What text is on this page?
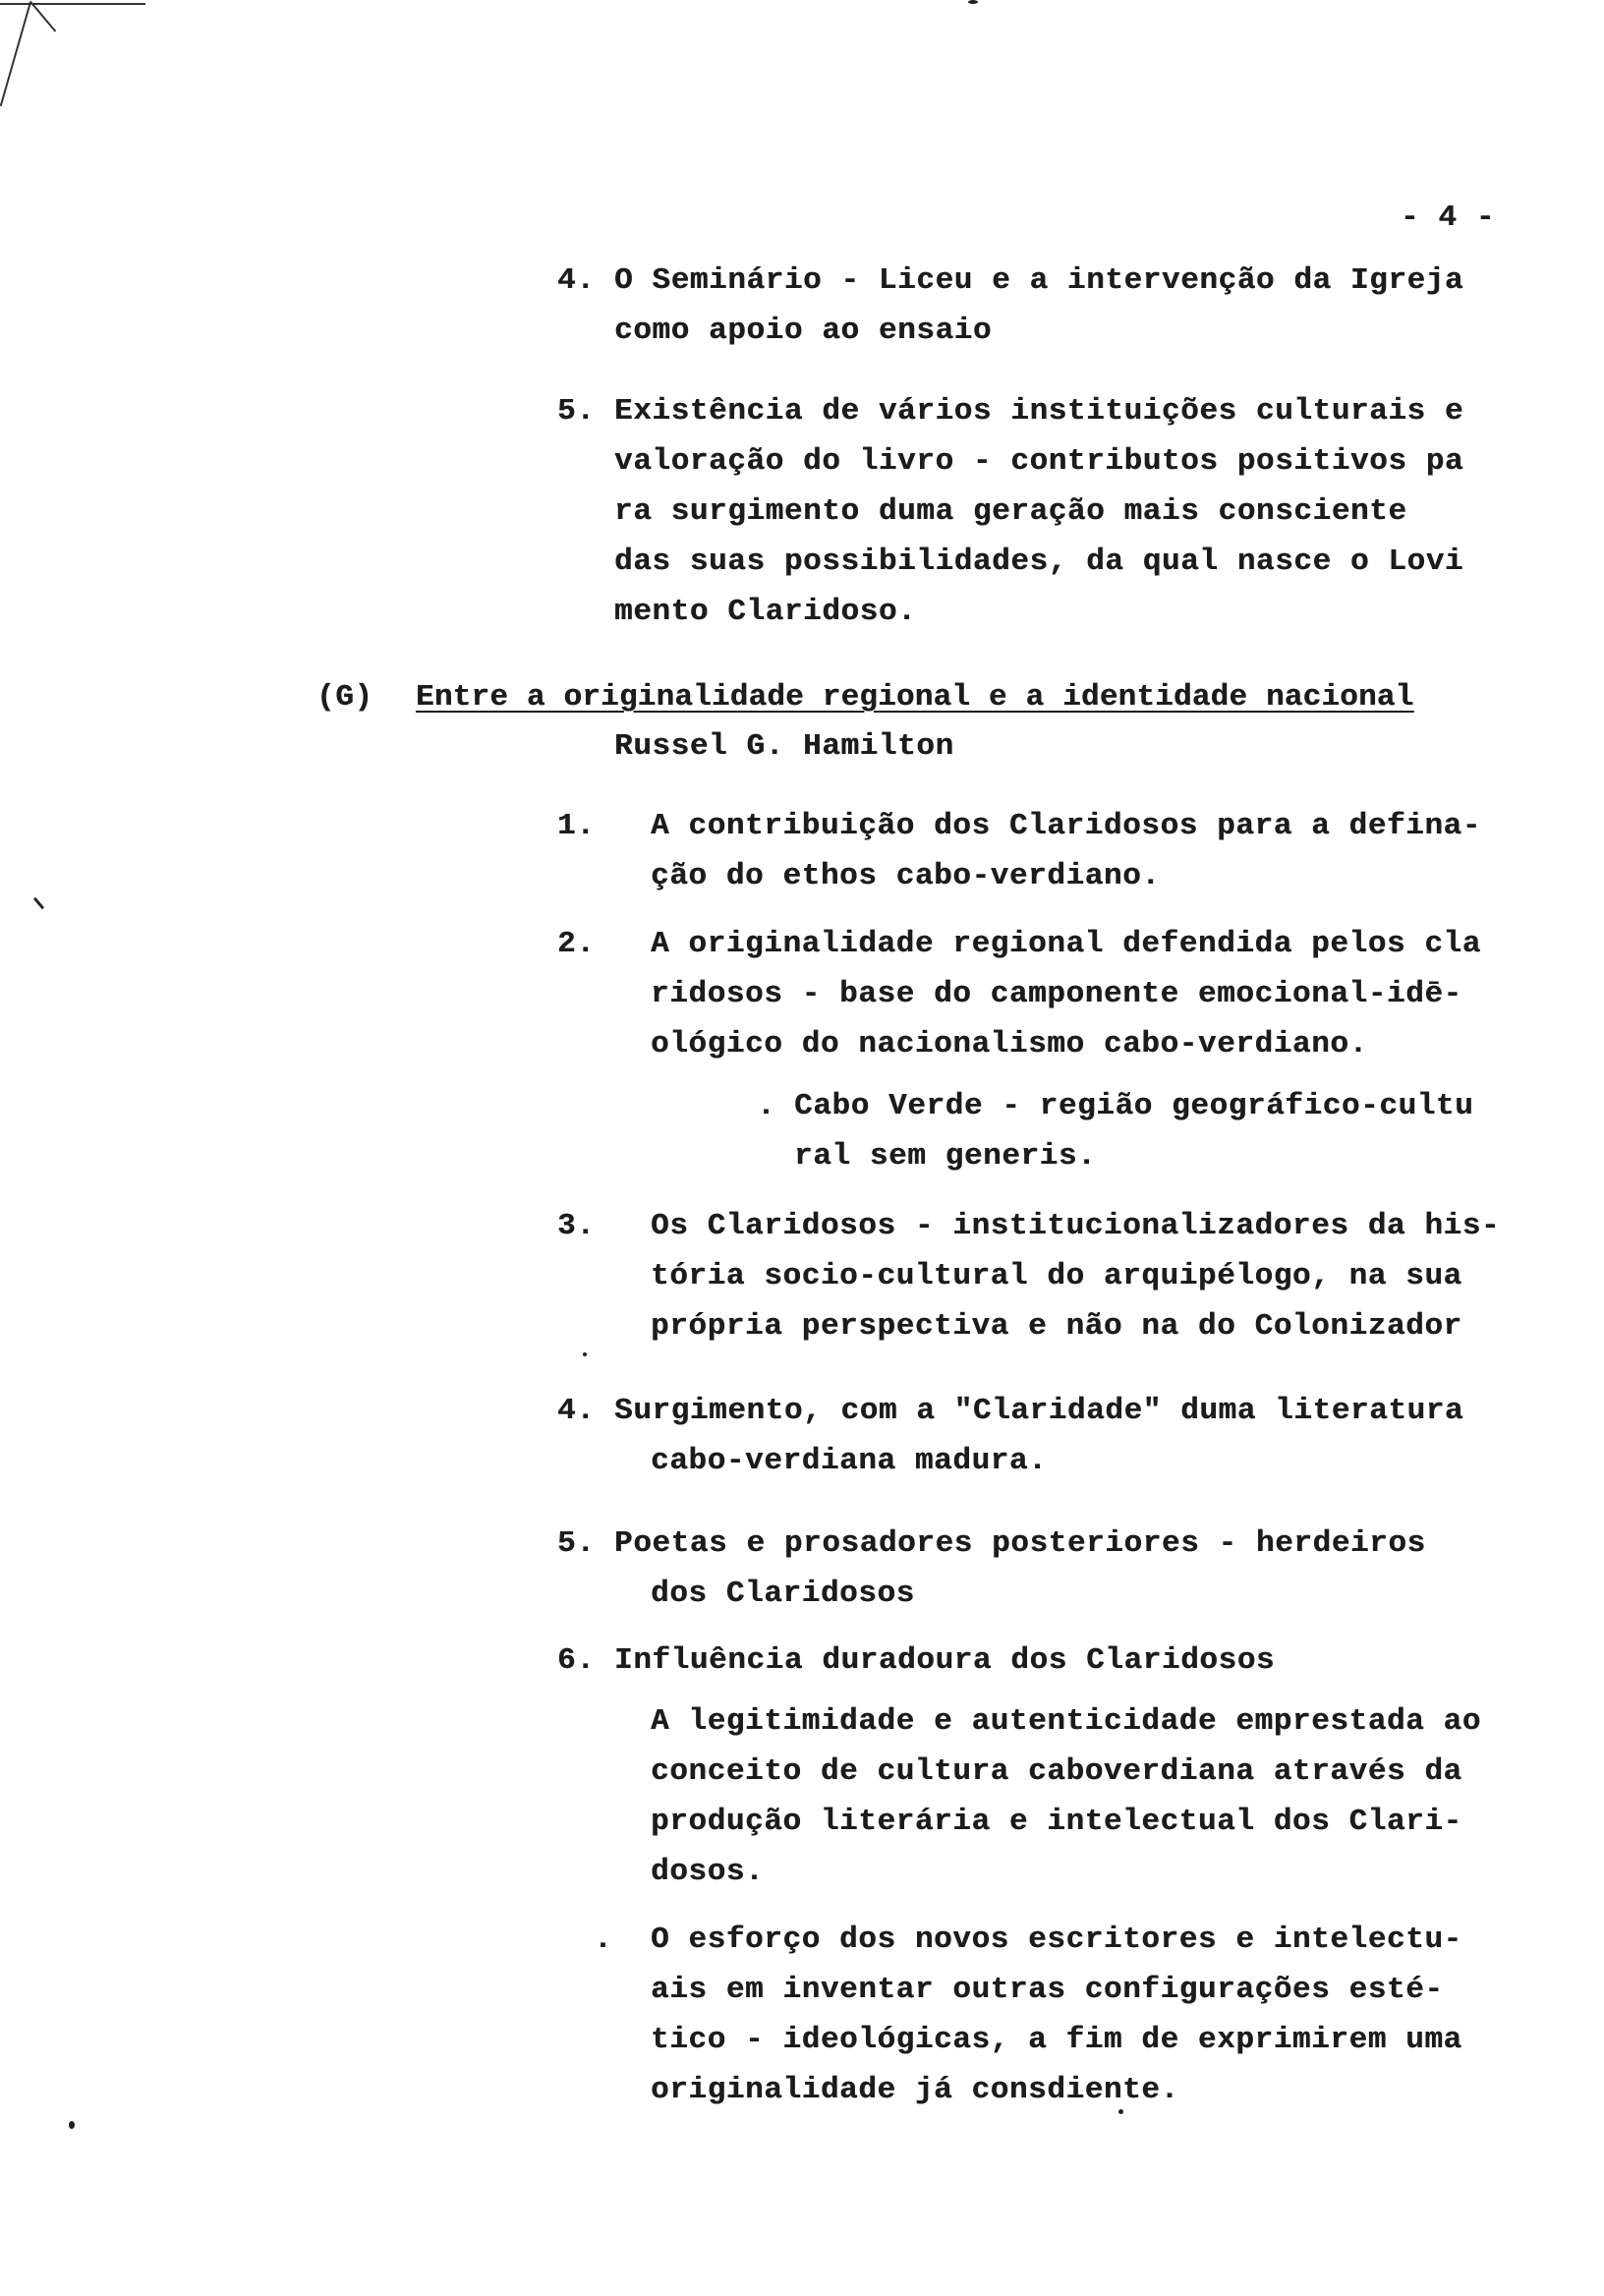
- 4 -
4. O Seminário - Liceu e a intervenção da Igreja
como apoio ao ensaio
5. Existência de vários instituições culturais e
valoração do livro - contributos positivos pa
ra surgimento duma geração mais consciente
das suas possibilidades, da qual nasce o Lovi
mento Claridoso.
(G) Entre a originalidade regional e a identidade nacional
Russel G. Hamilton
1. A contribuição dos Claridosos para a defina-
ção do ethos cabo-verdiano.
2. A originalidade regional defendida pelos cla
ridosos - base do camponente emocional-idē-
ológico do nacionalismo cabo-verdiano.
. Cabo Verde - região geográfico-cultu
ral sem generis.
3. Os Claridosos - institucionalizadores da his-
tória socio-cultural do arquipélogo, na sua
própria perspectiva e não na do Colonizador
4. Surgimento, com a "Claridade" duma literatura
cabo-verdiana madura.
5. Poetas e prosadores posteriores - herdeiros
dos Claridosos
6. Influência duradoura dos Claridosos
A legitimidade e autenticidade emprestada ao
conceito de cultura caboverdiana através da
produção literária e intelectual dos Clari-
dosos.
. O esforço dos novos escritores e intelectu-
ais em inventar outras configurações esté-
tico - ideológicas, a fim de exprimirem uma
originalidade já consdiente.
